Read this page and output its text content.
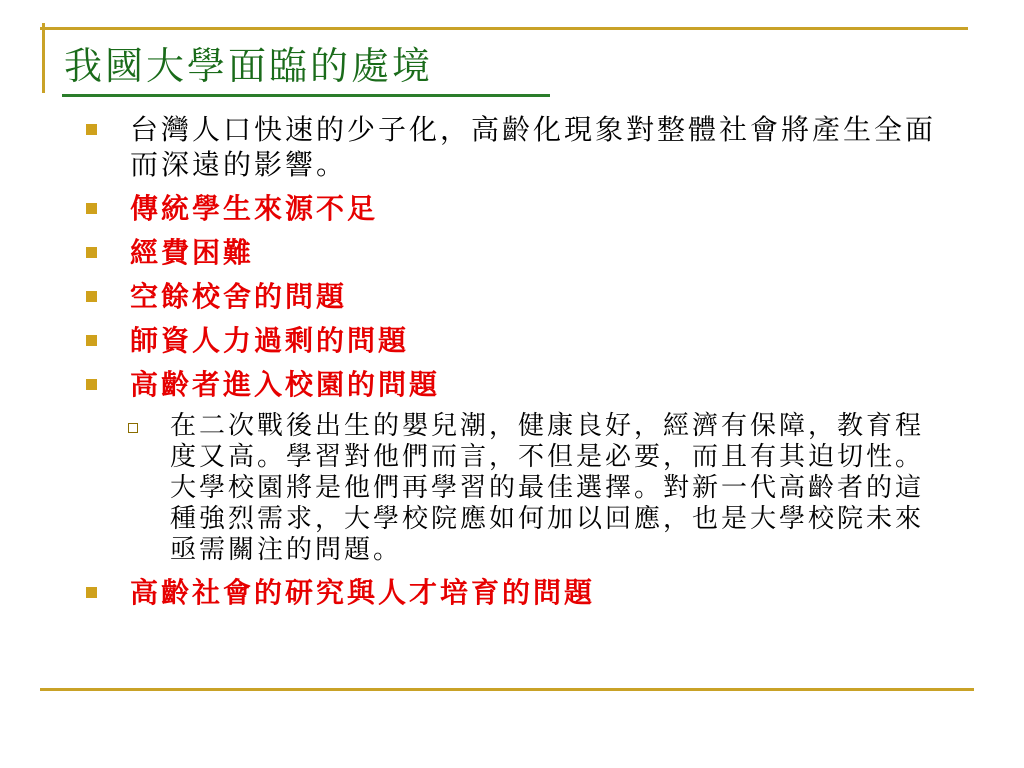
我國大學面臨的處境
台灣人口快速的少子化，高齡化現象對整體社會將產生全面而深遠的影響。
傳統學生來源不足
經費困難
空餘校舍的問題
師資人力過剩的問題
高齡者進入校園的問題
在二次戰後出生的嬰兒潮，健康良好，經濟有保障，教育程度又高。學習對他們而言，不但是必要，而且有其迫切性。大學校園將是他們再學習的最佳選擇。對新一代高齡者的這種強烈需求，大學校院應如何加以回應，也是大學校院未來亟需關注的問題。
高齡社會的研究與人才培育的問題
